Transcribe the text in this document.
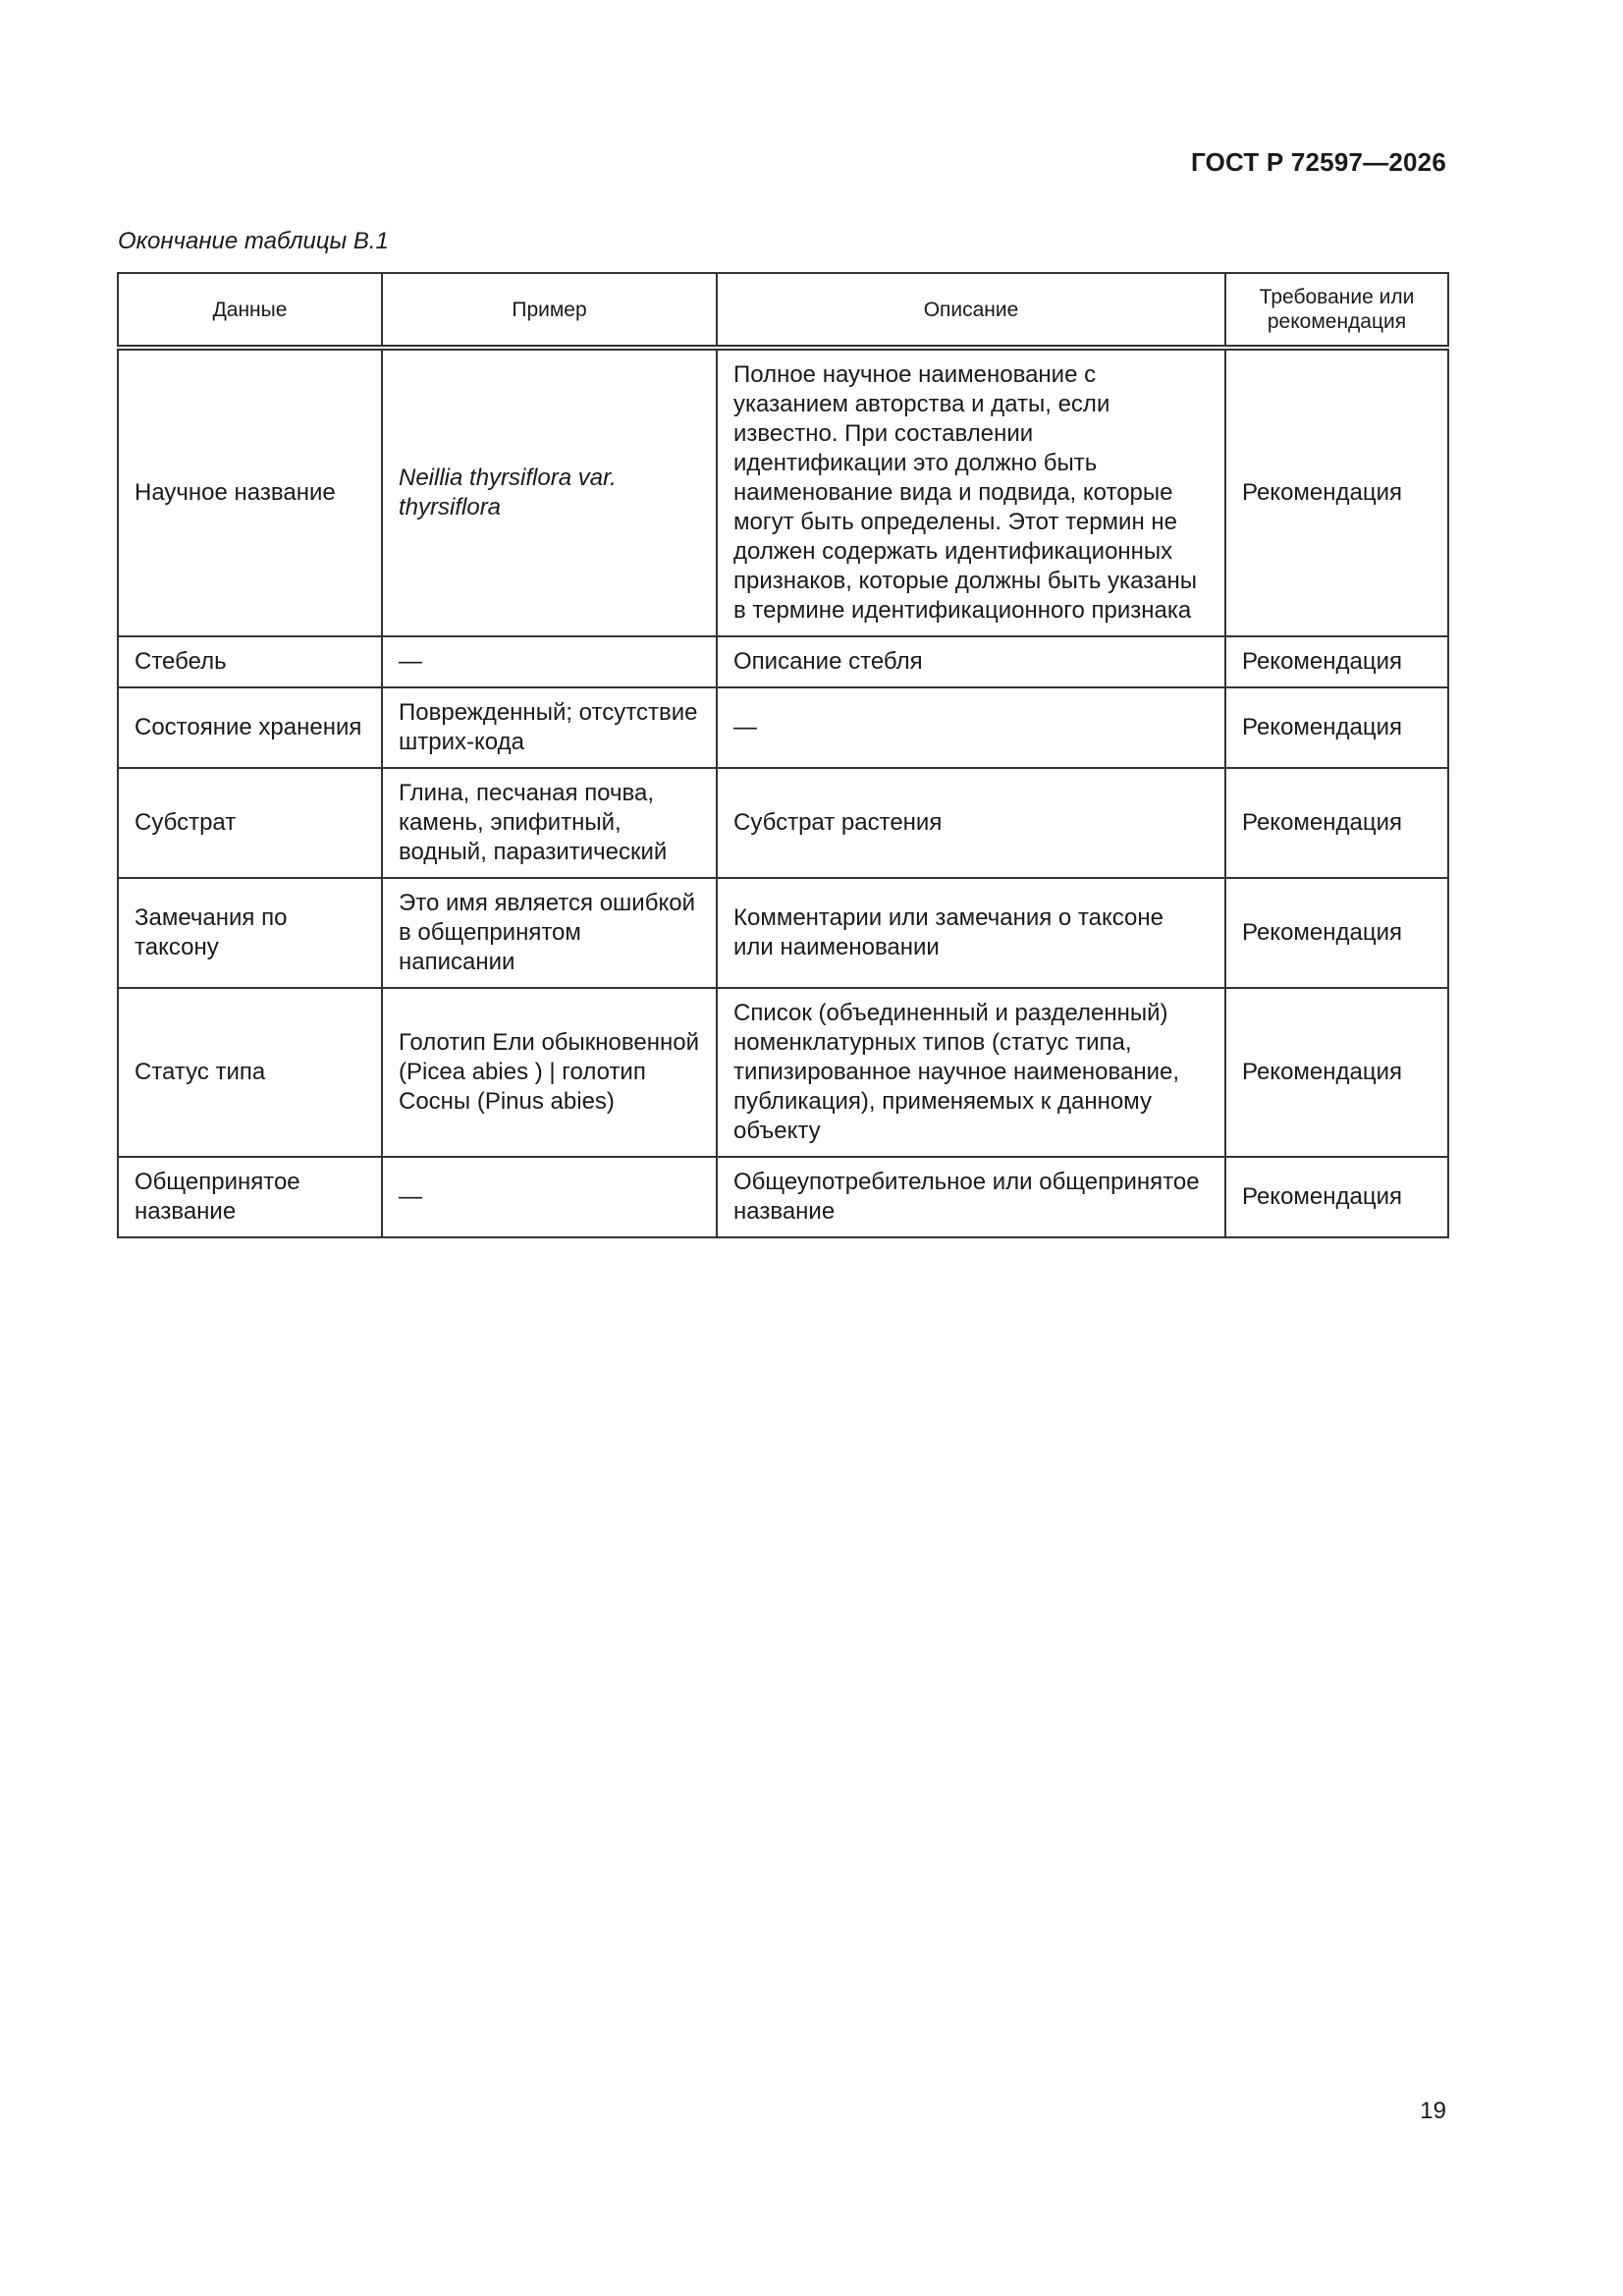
ГОСТ Р 72597—2026
Окончание таблицы В.1
Данные	Пример	Описание	Требование или рекомендация
Научное название	Neillia thyrsiflora var. thyrsiflora	Полное научное наименование с указанием авторства и даты, если известно. При составлении идентификации это должно быть наименование вида и подвида, которые могут быть определены. Этот термин не должен содержать идентификационных признаков, которые должны быть указаны в термине идентификационного признака	Рекомендация
Стебель	—	Описание стебля	Рекомендация
Состояние хранения	Поврежденный; отсутствие штрих-кода	—	Рекомендация
Субстрат	Глина, песчаная почва, камень, эпифитный, водный, паразитический	Субстрат растения	Рекомендация
Замечания по таксону	Это имя является ошибкой в общепринятом написании	Комментарии или замечания о таксоне или наименовании	Рекомендация
Статус типа	Голотип Ели обыкновенной (Picea abies ) | голотип Сосны (Pinus abies)	Список (объединенный и разделенный) номенклатурных типов (статус типа, типизированное научное наименование, публикация), применяемых к данному объекту	Рекомендация
Общепринятое название	—	Общеупотребительное или общепринятое название	Рекомендация
19
